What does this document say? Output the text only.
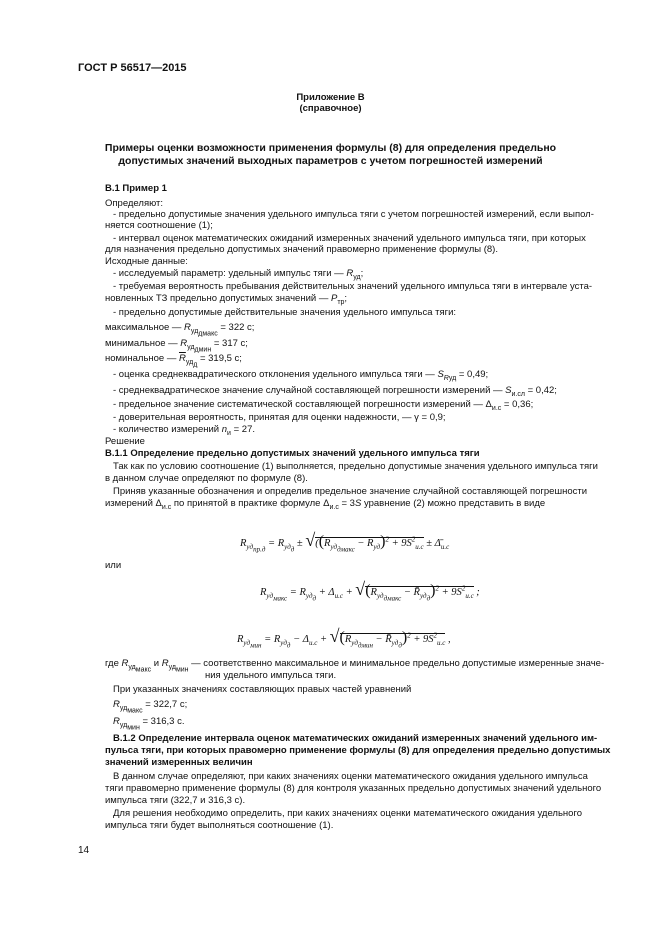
ГОСТ Р 56517—2015
Приложение В
(справочное)
Примеры оценки возможности применения формулы (8) для определения предельно
допустимых значений выходных параметров с учетом погрешностей измерений
В.1 Пример 1
Определяют:
- предельно допустимые значения удельного импульса тяги с учетом погрешностей измерений, если выпол-
няется соотношение (1);
- интервал оценок математических ожиданий измеренных значений удельного импульса тяги, при которых
для назначения предельно допустимых значений правомерно применение формулы (8).
Исходные данные:
- исследуемый параметр: удельный импульс тяги — $R_{уд}$;
- требуемая вероятность пребывания действительных значений удельного импульса тяги в интервале уста-
новленных ТЗ предельно допустимых значений — $P_{тр}$;
- предельно допустимые действительные значения удельного импульса тяги:
максимальное — $R_{уд_{дмакс}} = 322$ с;
минимальное — $R_{уд_{дмин}} = 317$ с;
номинальное — $\overline{R}_{уд_д} = 319,5$ с;
- оценка среднеквадратического отклонения удельного импульса тяги — $S_{Rуд} = 0,49$;
- среднеквадратическое значение случайной составляющей погрешности измерений — $S_{и.сл} = 0,42$;
- предельное значение систематической составляющей погрешности измерений — $\Delta_{и.с} = 0,36$;
- доверительная вероятность, принятая для оценки надежности, — γ = 0,9;
- количество измерений $n_и = 27$.
Решение
В.1.1 Определение предельно допустимых значений удельного импульса тяги
Так как по условию соотношение (1) выполняется, предельно допустимые значения удельного импульса тяги
в данном случае определяют по формуле (8).
Приняв указанные обозначения и определив предельное значение случайной составляющей погрешности
измерений $\Delta_{и.с}$ по принятой в практике формуле $\Delta_{и.с} = 3S$ уравнение (2) можно представить в виде
$R_{уд_{пр.д}} = R_{уд_д} \pm √((R_{уд_{дмакс}} - R_{уд})^2 + 9S^2_{и.с}$ ± $\Deltā_{и.с}$
или
$R_{уд_{макс}} = R_{уд_д} + \Delta_{и.с} + √(R_{уд_{дмакс}}$ − $R̄_{уд_д})^2 + 9S^2_{и.с}$ ;
$R_{уд_{мин}} = R_{уд_д} - \Delta_{и.с} + √(R_{уд_{дмин}}$ − $R̄_{уд_д})^2 + 9S^2_{и.с}$ ,
где $R_{уд_{макс}}$ и $R_{уд_{мин}}$ — соответственно максимальное и минимальное предельно допустимые измеренные значе-
ния удельного импульса тяги.
При указанных значениях составляющих правых частей уравнений
$R_{уд_{макс}} = 322,7$ с;
$R_{уд_{мин}} = 316,3$ с.
В.1.2 Определение интервала оценок математических ожиданий измеренных значений удельного им-
пульса тяги, при которых правомерно применение формулы (8) для определения предельно допустимых
значений измеренных величин
В данном случае определяют, при каких значениях оценки математического ожидания удельного импульса
тяги правомерно применение формулы (8) для контроля указанных предельно допустимых значений удельного
импульса тяги (322,7 и 316,3 с).
Для решения необходимо определить, при каких значениях оценки математического ожидания удельного
импульса тяги будет выполняться соотношение (1).
14
